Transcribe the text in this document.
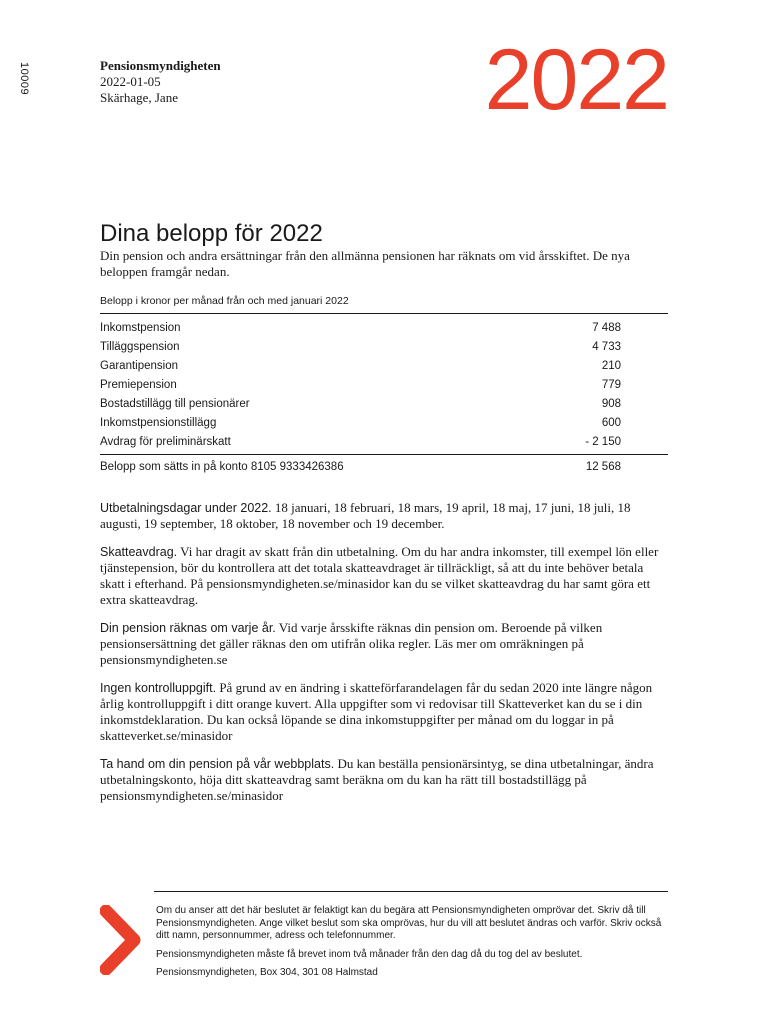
10009	Pensionsmyndigheten
2022-01-05
Skärhage, Jane	2022
Dina belopp för 2022
Din pension och andra ersättningar från den allmänna pensionen har räknats om vid årsskiftet. De nya beloppen framgår nedan.
Belopp i kronor per månad från och med januari 2022
Inkomstpension	7 488
Tilläggspension	4 733
Garantipension	210
Premiepension	779
Bostadstillägg till pensionärer	908
Inkomstpensionstillägg	600
Avdrag för preliminärskatt	- 2 150
Belopp som sätts in på konto 8105 9333426386	12 568

Utbetalningsdagar under 2022. 18 januari, 18 februari, 18 mars, 19 april, 18 maj, 17 juni, 18 juli, 18 augusti, 19 september, 18 oktober, 18 november och 19 december.

Skatteavdrag. Vi har dragit av skatt från din utbetalning. Om du har andra inkomster, till exempel lön eller tjänstepension, bör du kontrollera att det totala skatteavdraget är tillräckligt, så att du inte behöver betala skatt i efterhand. På pensionsmyndigheten.se/minasidor kan du se vilket skatteavdrag du har samt göra ett extra skatteavdrag.

Din pension räknas om varje år. Vid varje årsskifte räknas din pension om. Beroende på vilken pensionsersättning det gäller räknas den om utifrån olika regler. Läs mer om omräkningen på pensionsmyndigheten.se

Ingen kontrolluppgift. På grund av en ändring i skatteförfarandelagen får du sedan 2020 inte längre någon årlig kontrolluppgift i ditt orange kuvert. Alla uppgifter som vi redovisar till Skatteverket kan du se i din inkomstdeklaration. Du kan också löpande se dina inkomstuppgifter per månad om du loggar in på skatteverket.se/minasidor

Ta hand om din pension på vår webbplats. Du kan beställa pensionärsintyg, se dina utbetalningar, ändra utbetalningskonto, höja ditt skatteavdrag samt beräkna om du kan ha rätt till bostadstillägg på pensionsmyndigheten.se/minasidor

Om du anser att det här beslutet är felaktigt kan du begära att Pensionsmyndigheten omprövar det. Skriv då till Pensionsmyndigheten. Ange vilket beslut som ska omprövas, hur du vill att beslutet ändras och varför. Skriv också ditt namn, personnummer, adress och telefonnummer.

Pensionsmyndigheten måste få brevet inom två månader från den dag då du tog del av beslutet.

Pensionsmyndigheten, Box 304, 301 08 Halmstad
